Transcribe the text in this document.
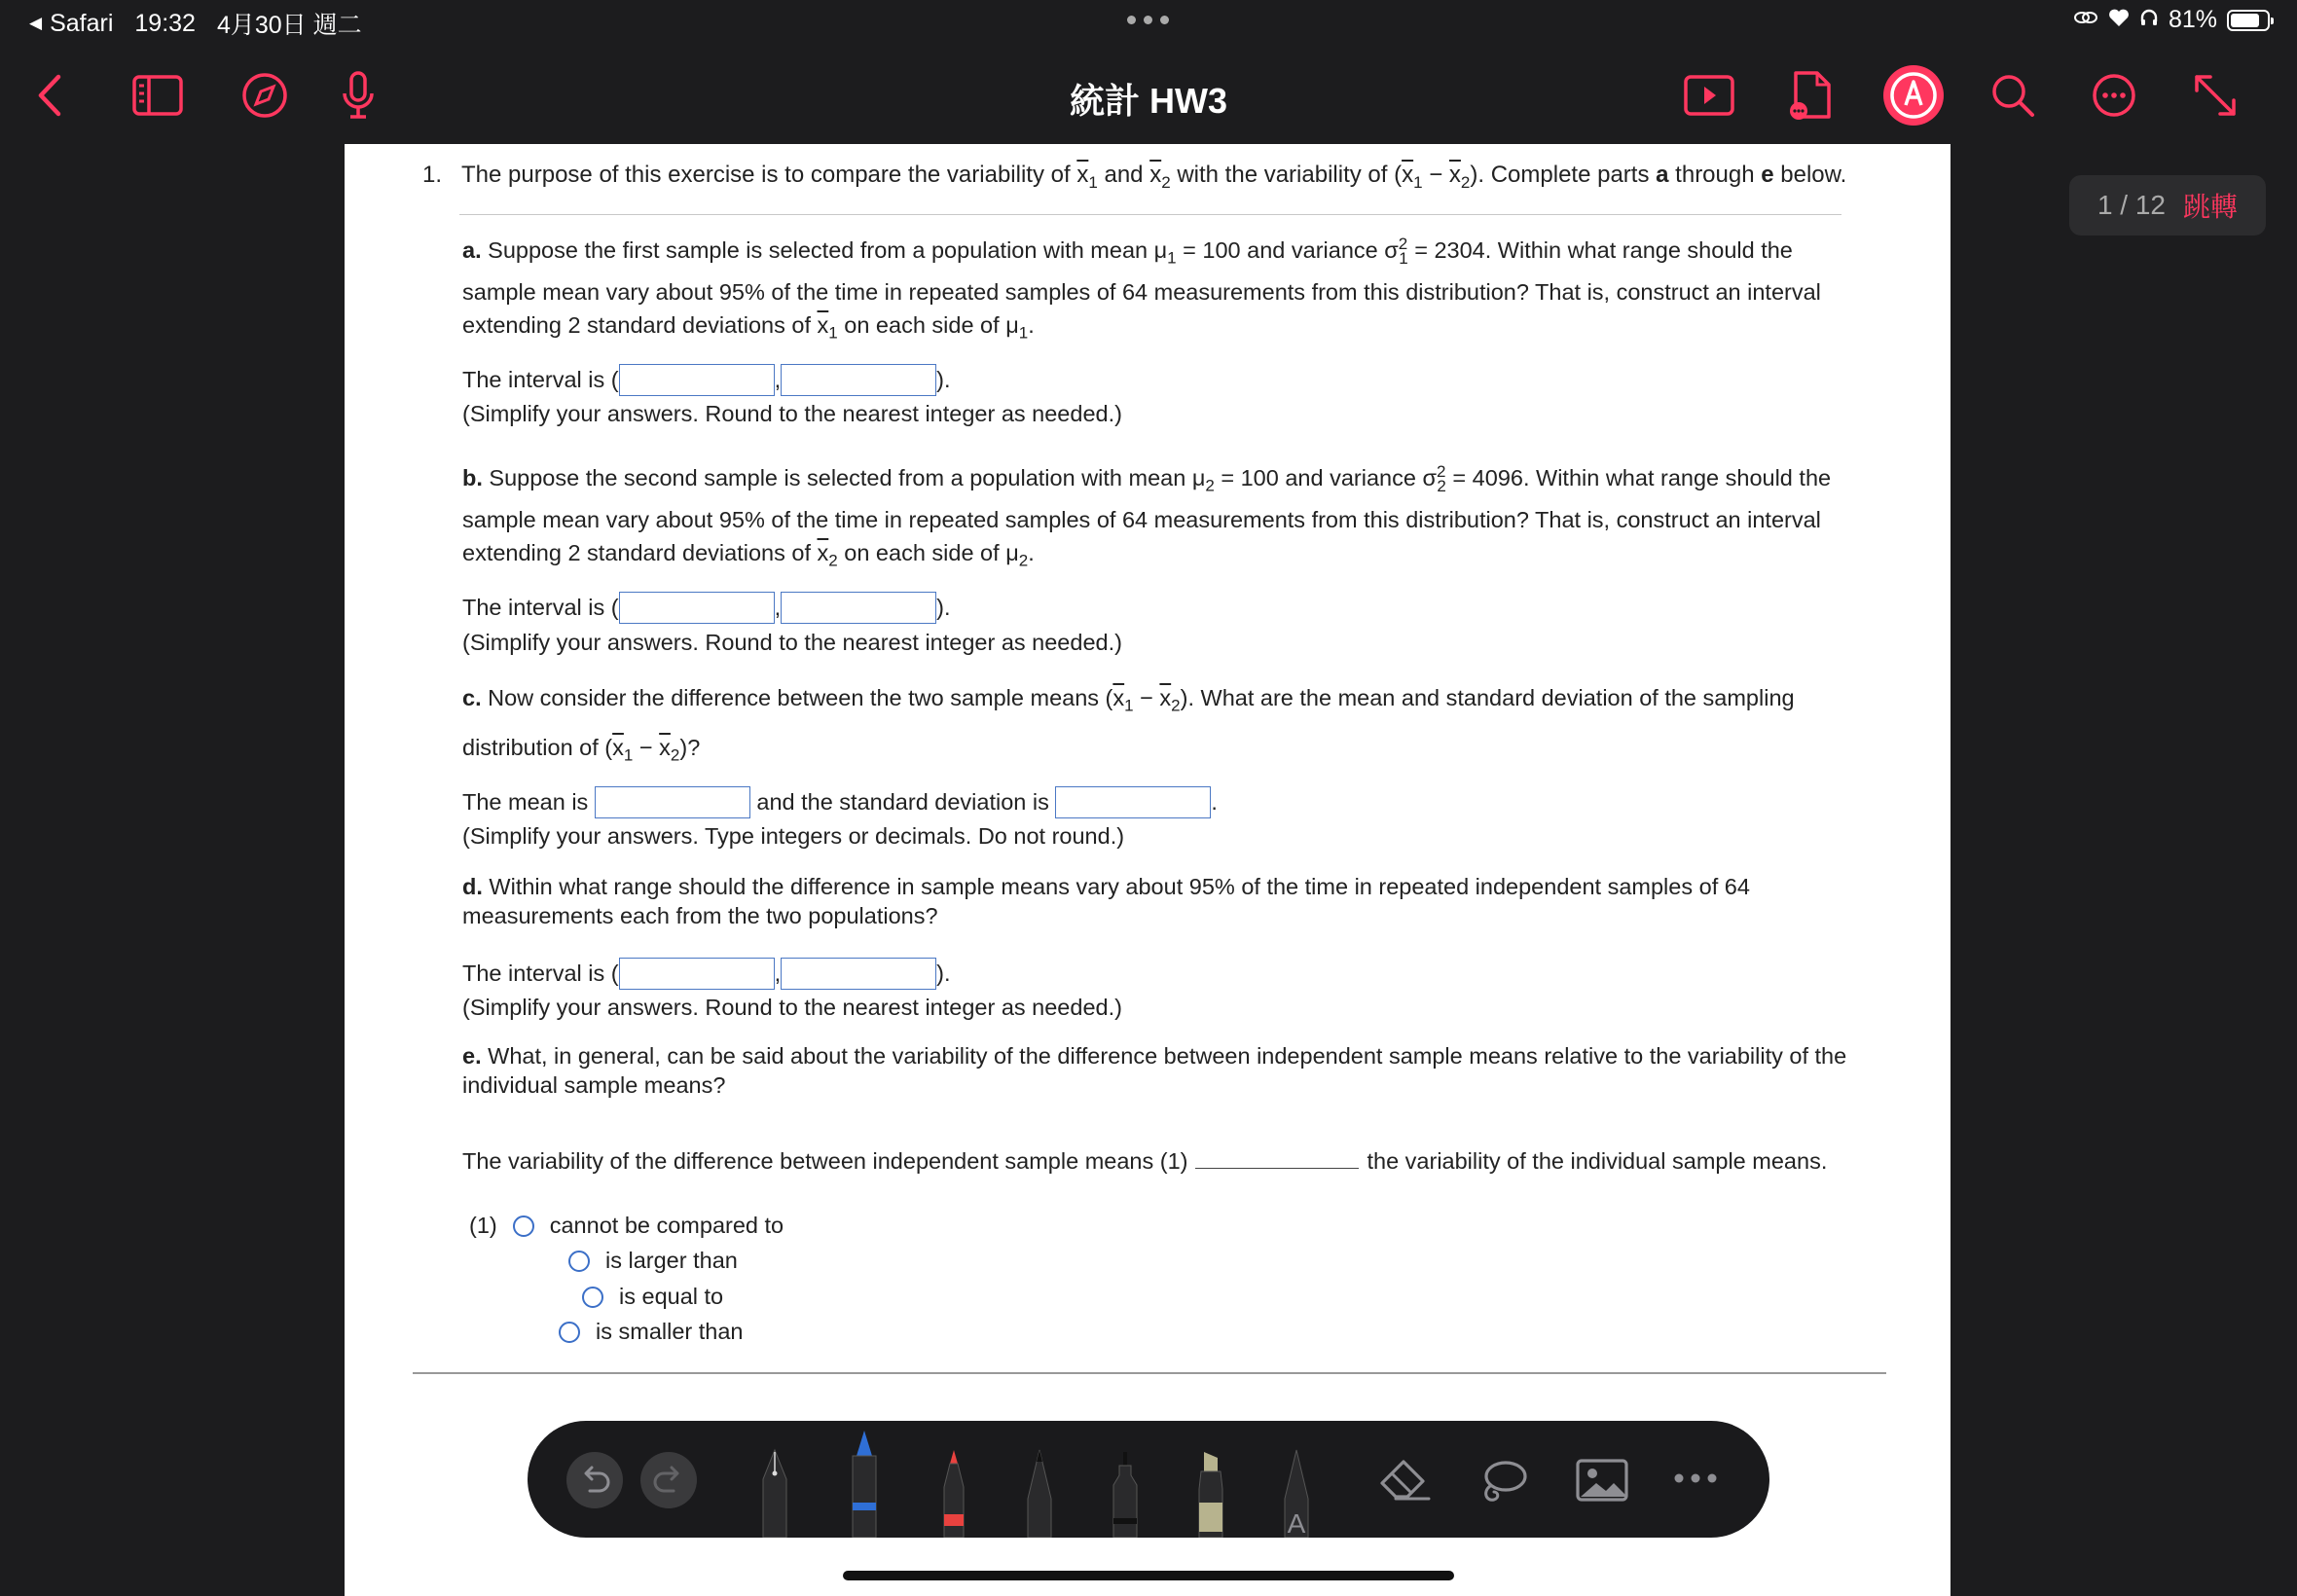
◀ Safari 19:32 4月30日 週二	81%
統計 HW3
1 / 12 跳轉
1. The purpose of this exercise is to compare the variability of $\overline{x}_1$ and $\overline{x}_2$ with the variability of $(\overline{x}_1 - \overline{x}_2)$. Complete parts a through e below.
a. Suppose the first sample is selected from a population with mean $\mu_1 = 100$ and variance $\sigma^2_1 = 2304$. Within what range should the
sample mean vary about 95% of the time in repeated samples of 64 measurements from this distribution? That is, construct an interval
extending 2 standard deviations of $\overline{x}_1$ on each side of $\mu_1$.
The interval is (	,	).
(Simplify your answers. Round to the nearest integer as needed.)
b. Suppose the second sample is selected from a population with mean $\mu_2 = 100$ and variance $\sigma^2_2 = 4096$. Within what range should the
sample mean vary about 95% of the time in repeated samples of 64 measurements from this distribution? That is, construct an interval
extending 2 standard deviations of $\overline{x}_2$ on each side of $\mu_2$.
The interval is (	,	).
(Simplify your answers. Round to the nearest integer as needed.)
c. Now consider the difference between the two sample means $(\overline{x}_1 - \overline{x}_2)$. What are the mean and standard deviation of the sampling
distribution of $(\overline{x}_1 - \overline{x}_2)$?
The mean is

	and the standard deviation is
	.
(Simplify your answers. Type integers or decimals. Do not round.)
d. Within what range should the difference in sample means vary about 95% of the time in repeated independent samples of 64
measurements each from the two populations?
The interval is (	,	).
(Simplify your answers. Round to the nearest integer as needed.)
e. What, in general, can be said about the variability of the difference between independent sample means relative to the variability of the
individual sample means?
The variability of the difference between independent sample means (1)	the variability of the individual sample means.
(1) cannot be compared to
is larger than
is equal to
is smaller than
A
